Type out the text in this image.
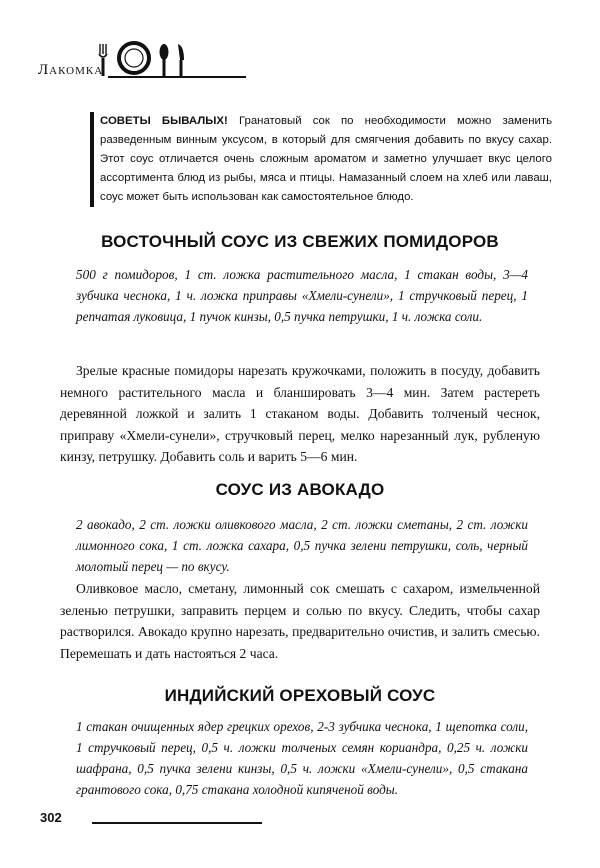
Лакомка
СОВЕТЫ БЫВАЛЫХ! Гранатовый сок по необходимости можно заменить разведенным винным уксусом, в который для смягчения добавить по вкусу сахар. Этот соус отличается очень сложным ароматом и заметно улучшает вкус целого ассортимента блюд из рыбы, мяса и птицы. Намазанный слоем на хлеб или лаваш, соус может быть использован как самостоятельное блюдо.
ВОСТОЧНЫЙ СОУС ИЗ СВЕЖИХ ПОМИДОРОВ

500 г помидоров, 1 ст. ложка растительного масла, 1 стакан воды, 3—4 зубчика чеснока, 1 ч. ложка приправы «Хмели-сунели», 1 стручковый перец, 1 репчатая луковица, 1 пучок кинзы, 0,5 пучка петрушки, 1 ч. ложка соли.

Зрелые красные помидоры нарезать кружочками, положить в посуду, добавить немного растительного масла и бланшировать 3—4 мин. Затем растереть деревянной ложкой и залить 1 стаканом воды. Добавить толченый чеснок, приправу «Хмели-сунели», стручковый перец, мелко нарезанный лук, рубленую кинзу, петрушку. Добавить соль и варить 5—6 мин.

СОУС ИЗ АВОКАДО

2 авокадо, 2 ст. ложки оливкового масла, 2 ст. ложки сметаны, 2 ст. ложки лимонного сока, 1 ст. ложка сахара, 0,5 пучка зелени петрушки, соль, черный молотый перец — по вкусу.

Оливковое масло, сметану, лимонный сок смешать с сахаром, измельченной зеленью петрушки, заправить перцем и солью по вкусу. Следить, чтобы сахар растворился. Авокадо крупно нарезать, предварительно очистив, и залить смесью. Перемешать и дать настояться 2 часа.

ИНДИЙСКИЙ ОРЕХОВЫЙ СОУС

1 стакан очищенных ядер грецких орехов, 2-3 зубчика чеснока, 1 щепотка соли, 1 стручковый перец, 0,5 ч. ложки толченых семян кориандра, 0,25 ч. ложки шафрана, 0,5 пучка зелени кинзы, 0,5 ч. ложки «Хмели-сунели», 0,5 стакана грантового сока, 0,75 стакана холодной кипяченой воды.

302
